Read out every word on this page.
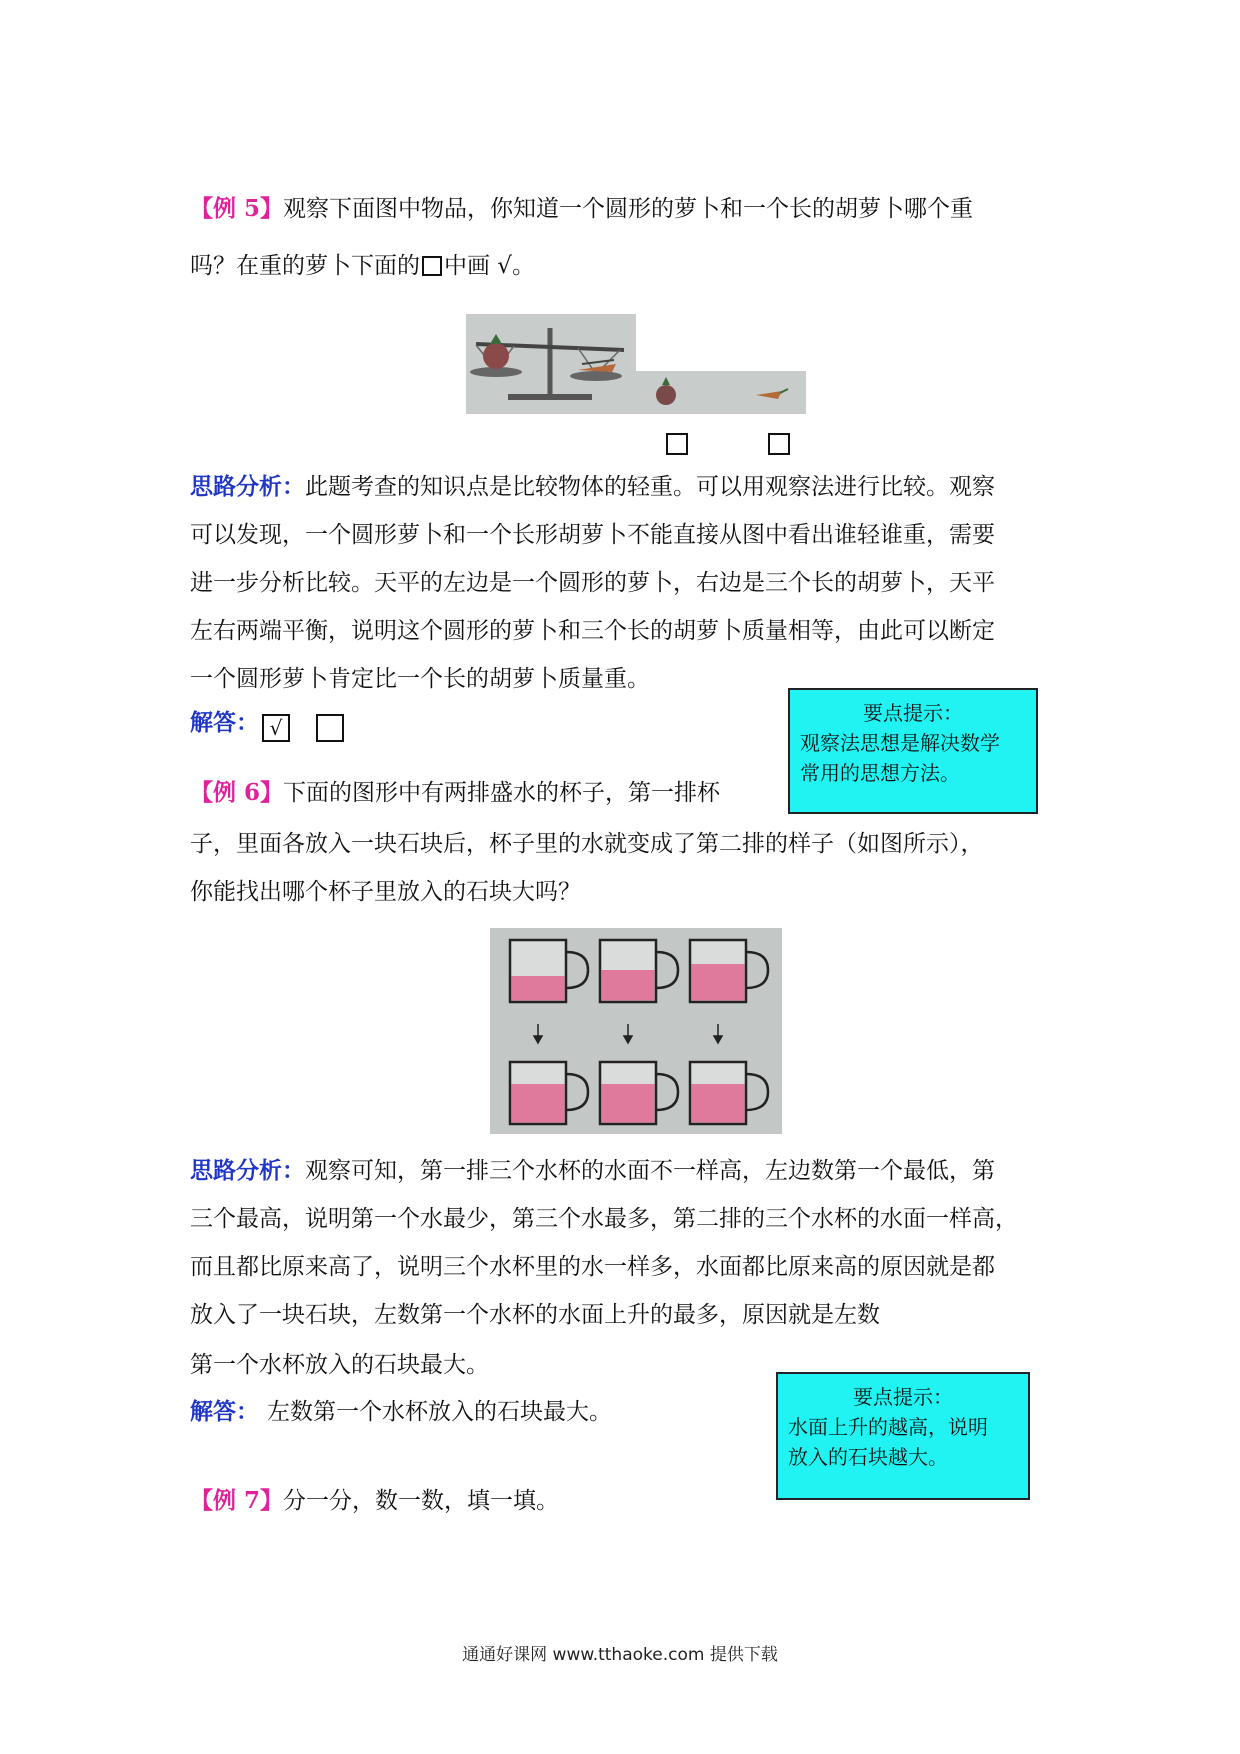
【例 5】观察下面图中物品，你知道一个圆形的萝卜和一个长的胡萝卜哪个重
吗？在重的萝卜下面的 中画 √。
思路分析：此题考查的知识点是比较物体的轻重。可以用观察法进行比较。观察
可以发现，一个圆形萝卜和一个长形胡萝卜不能直接从图中看出谁轻谁重，需要
进一步分析比较。天平的左边是一个圆形的萝卜，右边是三个长的胡萝卜，天平
左右两端平衡，说明这个圆形的萝卜和三个长的胡萝卜质量相等，由此可以断定
一个圆形萝卜肯定比一个长的胡萝卜质量重。
解答： √
要点提示：
观察法思想是解决数学
常用的思想方法。
【例 6】下面的图形中有两排盛水的杯子，第一排杯
子，里面各放入一块石块后，杯子里的水就变成了第二排的样子（如图所示），
你能找出哪个杯子里放入的石块大吗？
思路分析：观察可知，第一排三个水杯的水面不一样高，左边数第一个最低，第
三个最高，说明第一个水最少，第三个水最多，第二排的三个水杯的水面一样高，
而且都比原来高了，说明三个水杯里的水一样多，水面都比原来高的原因就是都
放入了一块石块，左数第一个水杯的水面上升的最多，原因就是左数
第一个水杯放入的石块最大。
解答： 左数第一个水杯放入的石块最大。
要点提示：
水面上升的越高，说明
放入的石块越大。
【例 7】分一分，数一数，填一填。
通通好课网 www.tthaoke.com 提供下载
